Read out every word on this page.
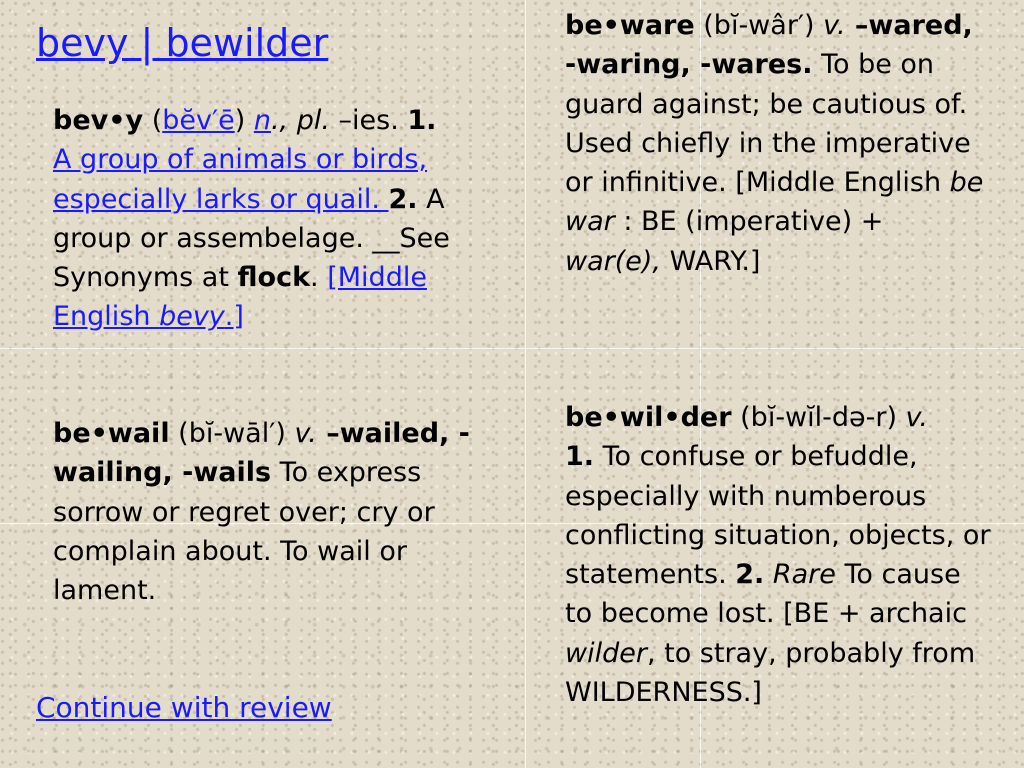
bevy | bewilder

bev•y (bĕv′ē) n., pl. –ies. 1.
A group of animals or birds, especially larks or quail. 2. A group or assembelage. __See Synonyms at flock. [Middle English bevy.]

be•ware (bĭ-wâr′) v. –wared, -waring, -wares. To be on guard against; be cautious of. Used chiefly in the imperative or infinitive. [Middle English be war : BE (imperative) + war(e), WARY.]

be•wail (bĭ-wāl′) v. –wailed, -wailing, -wails To express sorrow or regret over; cry or complain about. To wail or lament.

be•wil•der (bĭ-wĭl-də-r) v.
1. To confuse or befuddle, especially with numberous conflicting situation, objects, or statements. 2. Rare To cause to become lost. [BE + archaic wilder, to stray, probably from WILDERNESS.]

Continue with review
